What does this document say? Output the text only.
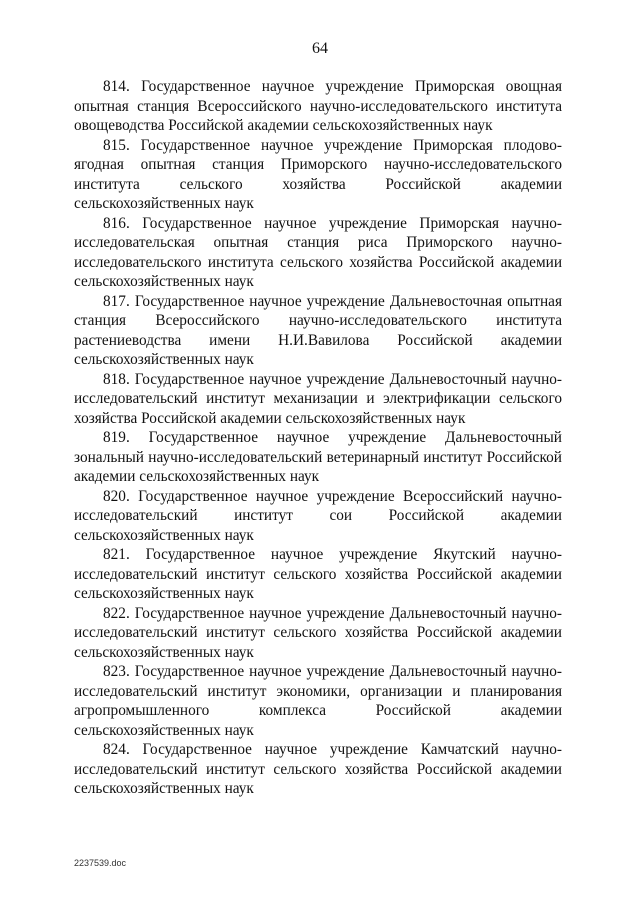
64

814. Государственное научное учреждение Приморская овощная опытная станция Всероссийского научно-исследовательского института овощеводства Российской академии сельскохозяйственных наук

815. Государственное научное учреждение Приморская плодово-ягодная опытная станция Приморского научно-исследовательского института сельского хозяйства Российской академии сельскохозяйственных наук

816. Государственное научное учреждение Приморская научно-исследовательская опытная станция риса Приморского научно-исследовательского института сельского хозяйства Российской академии сельскохозяйственных наук

817. Государственное научное учреждение Дальневосточная опытная станция Всероссийского научно-исследовательского института растениеводства имени Н.И.Вавилова Российской академии сельскохозяйственных наук

818. Государственное научное учреждение Дальневосточный научно-исследовательский институт механизации и электрификации сельского хозяйства Российской академии сельскохозяйственных наук

819. Государственное научное учреждение Дальневосточный зональный научно-исследовательский ветеринарный институт Российской академии сельскохозяйственных наук

820. Государственное научное учреждение Всероссийский научно-исследовательский институт сои Российской академии сельскохозяйственных наук

821. Государственное научное учреждение Якутский научно-исследовательский институт сельского хозяйства Российской академии сельскохозяйственных наук

822. Государственное научное учреждение Дальневосточный научно-исследовательский институт сельского хозяйства Российской академии сельскохозяйственных наук

823. Государственное научное учреждение Дальневосточный научно-исследовательский институт экономики, организации и планирования агропромышленного комплекса Российской академии сельскохозяйственных наук

824. Государственное научное учреждение Камчатский научно-исследовательский институт сельского хозяйства Российской академии сельскохозяйственных наук

2237539.doc
